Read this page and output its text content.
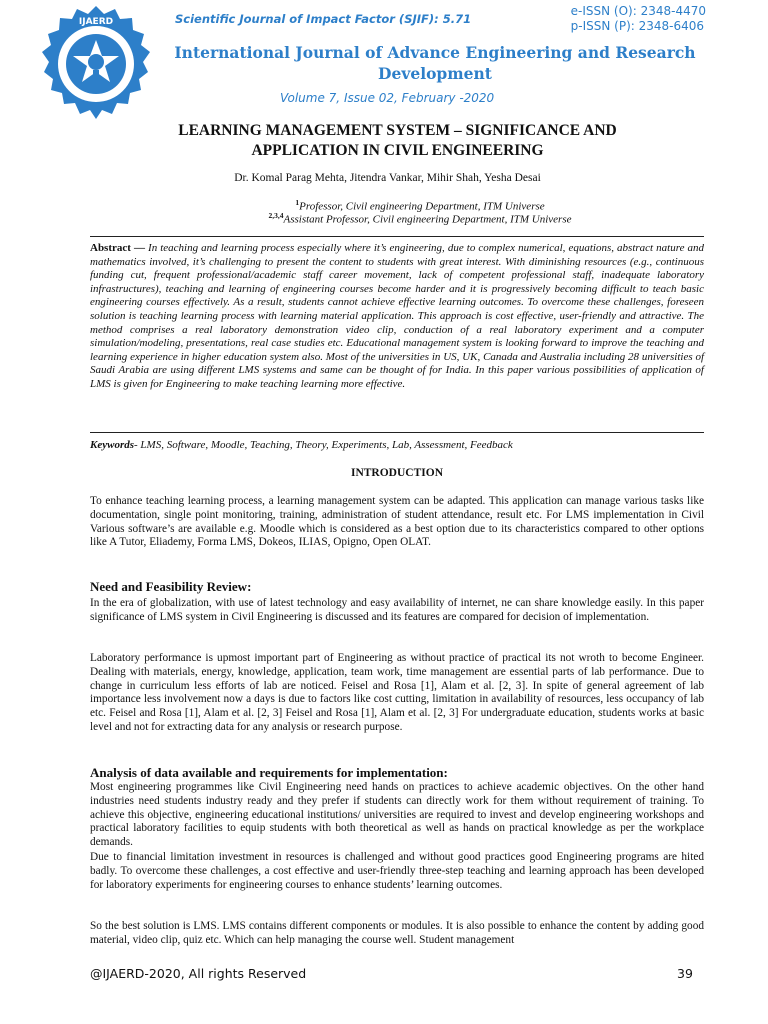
IJAERD	Scientific Journal of Impact Factor (SJIF): 5.71
e-ISSN (O): 2348-4470
p-ISSN (P): 2348-6406
International Journal of Advance Engineering and Research
Development
Volume 7, Issue 02, February -2020
LEARNING MANAGEMENT SYSTEM – SIGNIFICANCE AND
APPLICATION IN CIVIL ENGINEERING
Dr. Komal Parag Mehta, Jitendra Vankar, Mihir Shah, Yesha Desai
$^1$Professor, Civil engineering Department, ITM Universe
$^{2,3,4}$Assistant Professor, Civil engineering Department, ITM Universe
Abstract — In teaching and learning process especially where it’s engineering, due to complex numerical, equations, abstract nature and mathematics involved, it’s challenging to present the content to students with great interest. With diminishing resources (e.g., continuous funding cut, frequent professional/academic staff career movement, lack of competent professional staff, inadequate laboratory infrastructures), teaching and learning of engineering courses become harder and it is progressively becoming difficult to teach basic engineering courses effectively. As a result, students cannot achieve effective learning outcomes. To overcome these challenges, foreseen solution is teaching learning process with learning material application. This approach is cost effective, user-friendly and attractive. The method comprises a real laboratory demonstration video clip, conduction of a real laboratory experiment and a computer simulation/modeling, presentations, real case studies etc. Educational management system is looking forward to improve the teaching and learning experience in higher education system also. Most of the universities in US, UK, Canada and Australia including 28 universities of Saudi Arabia are using different LMS systems and same can be thought of for India. In this paper various possibilities of application of LMS is given for Engineering to make teaching learning more effective.
Keywords- LMS, Software, Moodle, Teaching, Theory, Experiments, Lab, Assessment, Feedback
INTRODUCTION
To enhance teaching learning process, a learning management system can be adapted. This application can manage various tasks like documentation, single point monitoring, training, administration of student attendance, result etc. For LMS implementation in Civil Various software’s are available e.g. Moodle which is considered as a best option due to its characteristics compared to other options like A Tutor, Eliademy, Forma LMS, Dokeos, ILIAS, Opigno, Open OLAT.
Need and Feasibility Review:
In the era of globalization, with use of latest technology and easy availability of internet, ne can share knowledge easily. In this paper significance of LMS system in Civil Engineering is discussed and its features are compared for decision of implementation.
Laboratory performance is upmost important part of Engineering as without practice of practical its not wroth to become Engineer. Dealing with materials, energy, knowledge, application, team work, time management are essential parts of lab performance. Due to change in curriculum less efforts of lab are noticed. Feisel and Rosa [1], Alam et al. [2, 3]. In spite of general agreement of lab importance less involvement now a days is due to factors like cost cutting, limitation in availability of resources, less occupancy of lab etc. Feisel and Rosa [1], Alam et al. [2, 3] Feisel and Rosa [1], Alam et al. [2, 3] For undergraduate education, students works at basic level and not for extracting data for any analysis or research purpose.
Analysis of data available and requirements for implementation:
Most engineering programmes like Civil Engineering need hands on practices to achieve academic objectives. On the other hand industries need students industry ready and they prefer if students can directly work for them without requirement of training. To achieve this objective, engineering educational institutions/ universities are required to invest and develop engineering workshops and practical laboratory facilities to equip students with both theoretical as well as hands on practical knowledge as per the workplace demands.
Due to financial limitation investment in resources is challenged and without good practices good Engineering programs are hited badly. To overcome these challenges, a cost effective and user-friendly three-step teaching and learning approach has been developed for laboratory experiments for engineering courses to enhance students’ learning outcomes.
So the best solution is LMS. LMS contains different components or modules. It is also possible to enhance the content by adding good material, video clip, quiz etc. Which can help managing the course well. Student management
@IJAERD-2020, All rights Reserved	39
